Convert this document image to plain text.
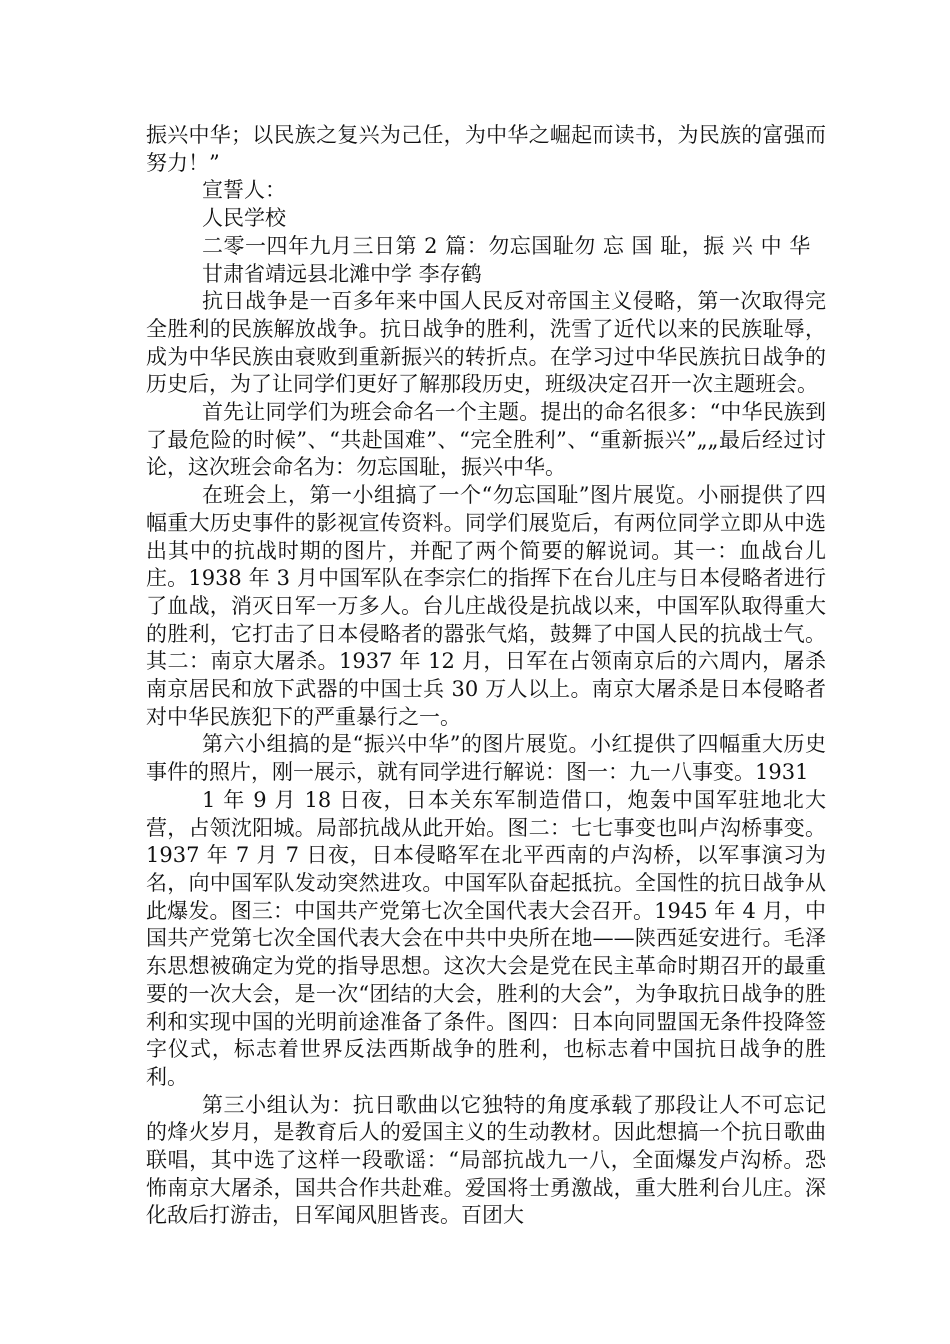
振兴中华；以民族之复兴为己任，为中华之崛起而读书，为民族的富强而努力！”

宣誓人：

人民学校

二零一四年九月三日第 2 篇：勿忘国耻勿 忘 国 耻，振 兴 中 华

甘肃省靖远县北滩中学 李存鹤

抗日战争是一百多年来中国人民反对帝国主义侵略，第一次取得完全胜利的民族解放战争。抗日战争的胜利，洗雪了近代以来的民族耻辱，成为中华民族由衰败到重新振兴的转折点。在学习过中华民族抗日战争的历史后，为了让同学们更好了解那段历史，班级决定召开一次主题班会。

首先让同学们为班会命名一个主题。提出的命名很多：“中华民族到了最危险的时候”、“共赴国难”、“完全胜利”、“重新振兴”„„最后经过讨论，这次班会命名为：勿忘国耻，振兴中华。

在班会上，第一小组搞了一个“勿忘国耻”图片展览。小丽提供了四幅重大历史事件的影视宣传资料。同学们展览后，有两位同学立即从中选出其中的抗战时期的图片，并配了两个简要的解说词。其一：血战台儿庄。1938 年 3 月中国军队在李宗仁的指挥下在台儿庄与日本侵略者进行了血战，消灭日军一万多人。台儿庄战役是抗战以来，中国军队取得重大的胜利，它打击了日本侵略者的嚣张气焰，鼓舞了中国人民的抗战士气。其二：南京大屠杀。1937 年 12 月，日军在占领南京后的六周内，屠杀南京居民和放下武器的中国士兵 30 万人以上。南京大屠杀是日本侵略者对中华民族犯下的严重暴行之一。

第六小组搞的是“振兴中华”的图片展览。小红提供了四幅重大历史事件的照片，刚一展示，就有同学进行解说：图一：九一八事变。1931

1 年 9 月 18 日夜，日本关东军制造借口，炮轰中国军驻地北大营，占领沈阳城。局部抗战从此开始。图二：七七事变也叫卢沟桥事变。1937 年 7 月 7 日夜，日本侵略军在北平西南的卢沟桥，以军事演习为名，向中国军队发动突然进攻。中国军队奋起抵抗。全国性的抗日战争从此爆发。图三：中国共产党第七次全国代表大会召开。1945 年 4 月，中国共产党第七次全国代表大会在中共中央所在地——陕西延安进行。毛泽东思想被确定为党的指导思想。这次大会是党在民主革命时期召开的最重要的一次大会，是一次“团结的大会，胜利的大会”，为争取抗日战争的胜利和实现中国的光明前途准备了条件。图四：日本向同盟国无条件投降签字仪式，标志着世界反法西斯战争的胜利，也标志着中国抗日战争的胜利。

第三小组认为：抗日歌曲以它独特的角度承载了那段让人不可忘记的烽火岁月，是教育后人的爱国主义的生动教材。因此想搞一个抗日歌曲联唱，其中选了这样一段歌谣：“局部抗战九一八，全面爆发卢沟桥。恐怖南京大屠杀，国共合作共赴难。爱国将士勇激战，重大胜利台儿庄。深化敌后打游击，日军闻风胆皆丧。百团大
